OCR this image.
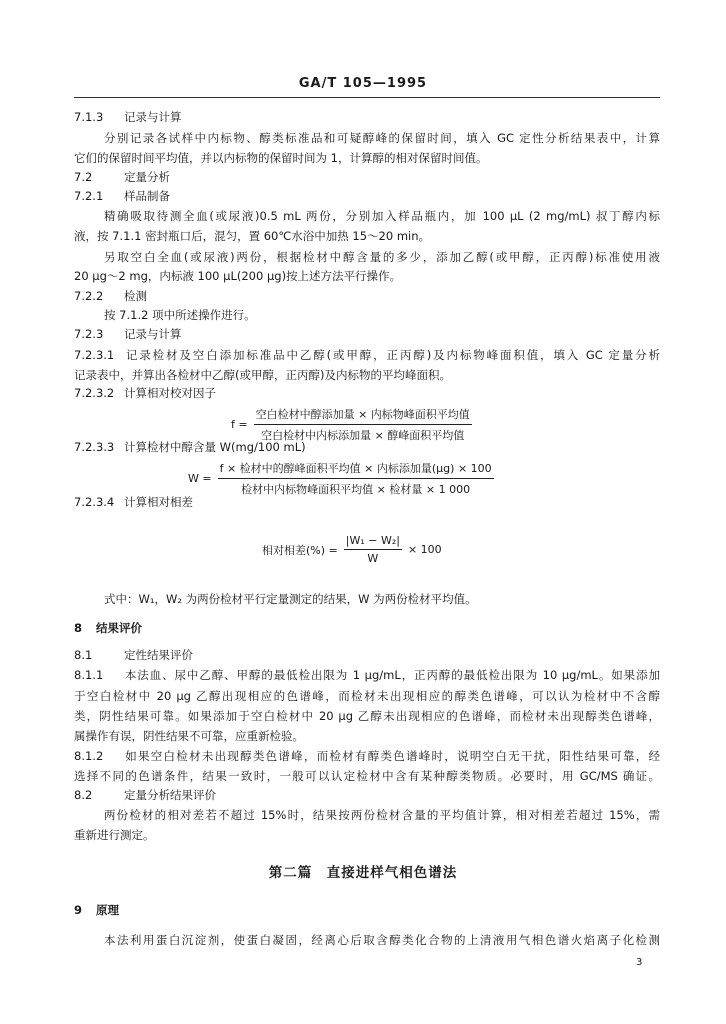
GA/T 105—1995
7.1.3 记录与计算
分别记录各试样中内标物、醇类标准品和可疑醇峰的保留时间，填入 GC 定性分析结果表中，计算
它们的保留时间平均值，并以内标物的保留时间为 1，计算醇的相对保留时间值。
7.2	定量分析
7.2.1 样品制备
精确吸取待测全血(或尿液)0.5 mL 两份，分别加入样品瓶内，加 100 μL (2 mg/mL) 叔丁醇内标
液，按 7.1.1 密封瓶口后，混匀，置 60℃水浴中加热 15～20 min。
另取空白全血(或尿液)两份，根据检材中醇含量的多少，添加乙醇(或甲醇，正丙醇)标准使用液
20 μg～2 mg，内标液 100 μL(200 μg)按上述方法平行操作。
7.2.2 检测
按 7.1.2 项中所述操作进行。
7.2.3 记录与计算
7.2.3.1 记录检材及空白添加标准品中乙醇(或甲醇，正丙醇)及内标物峰面积值，填入 GC 定量分析
记录表中，并算出各检材中乙醇(或甲醇，正丙醇)及内标物的平均峰面积。
7.2.3.2 计算相对校对因子
f =
空白检材中醇添加量 × 内标物峰面积平均值
空白检材中内标添加量 × 醇峰面积平均值
7.2.3.3 计算检材中醇含量 W(mg/100 mL)
W =
f × 检材中的醇峰面积平均值 × 内标添加量(μg) × 100
检材中内标物峰面积平均值 × 检材量 × 1 000
7.2.3.4 计算相对相差
相对相差(%) = $\frac{\text{|W₁ − W₂|}}{W} \times 100$
式中：W₁，W₂ 为两份检材平行定量测定的结果，W 为两份检材平均值。
8 结果评价
8.1	定性结果评价
8.1.1 本法血、尿中乙醇、甲醇的最低检出限为 1 μg/mL，正丙醇的最低检出限为 10 μg/mL。如果添加
于空白检材中 20 μg 乙醇出现相应的色谱峰，而检材未出现相应的醇类色谱峰，可以认为检材中不含醇
类，阴性结果可靠。如果添加于空白检材中 20 μg 乙醇未出现相应的色谱峰，而检材未出现醇类色谱峰，
属操作有误，阴性结果不可靠，应重新检验。
8.1.2 如果空白检材未出现醇类色谱峰，而检材有醇类色谱峰时，说明空白无干扰，阳性结果可靠，经
选择不同的色谱条件，结果一致时，一般可以认定检材中含有某种醇类物质。必要时，用 GC/MS 确证。
8.2	定量分析结果评价
两份检材的相对差若不超过 15%时，结果按两份检材含量的平均值计算，相对相差若超过 15%，需
重新进行测定。
第二篇　直接进样气相色谱法
9 原理
本法利用蛋白沉淀剂，使蛋白凝固，经离心后取含醇类化合物的上清液用气相色谱火焰离子化检测
3
